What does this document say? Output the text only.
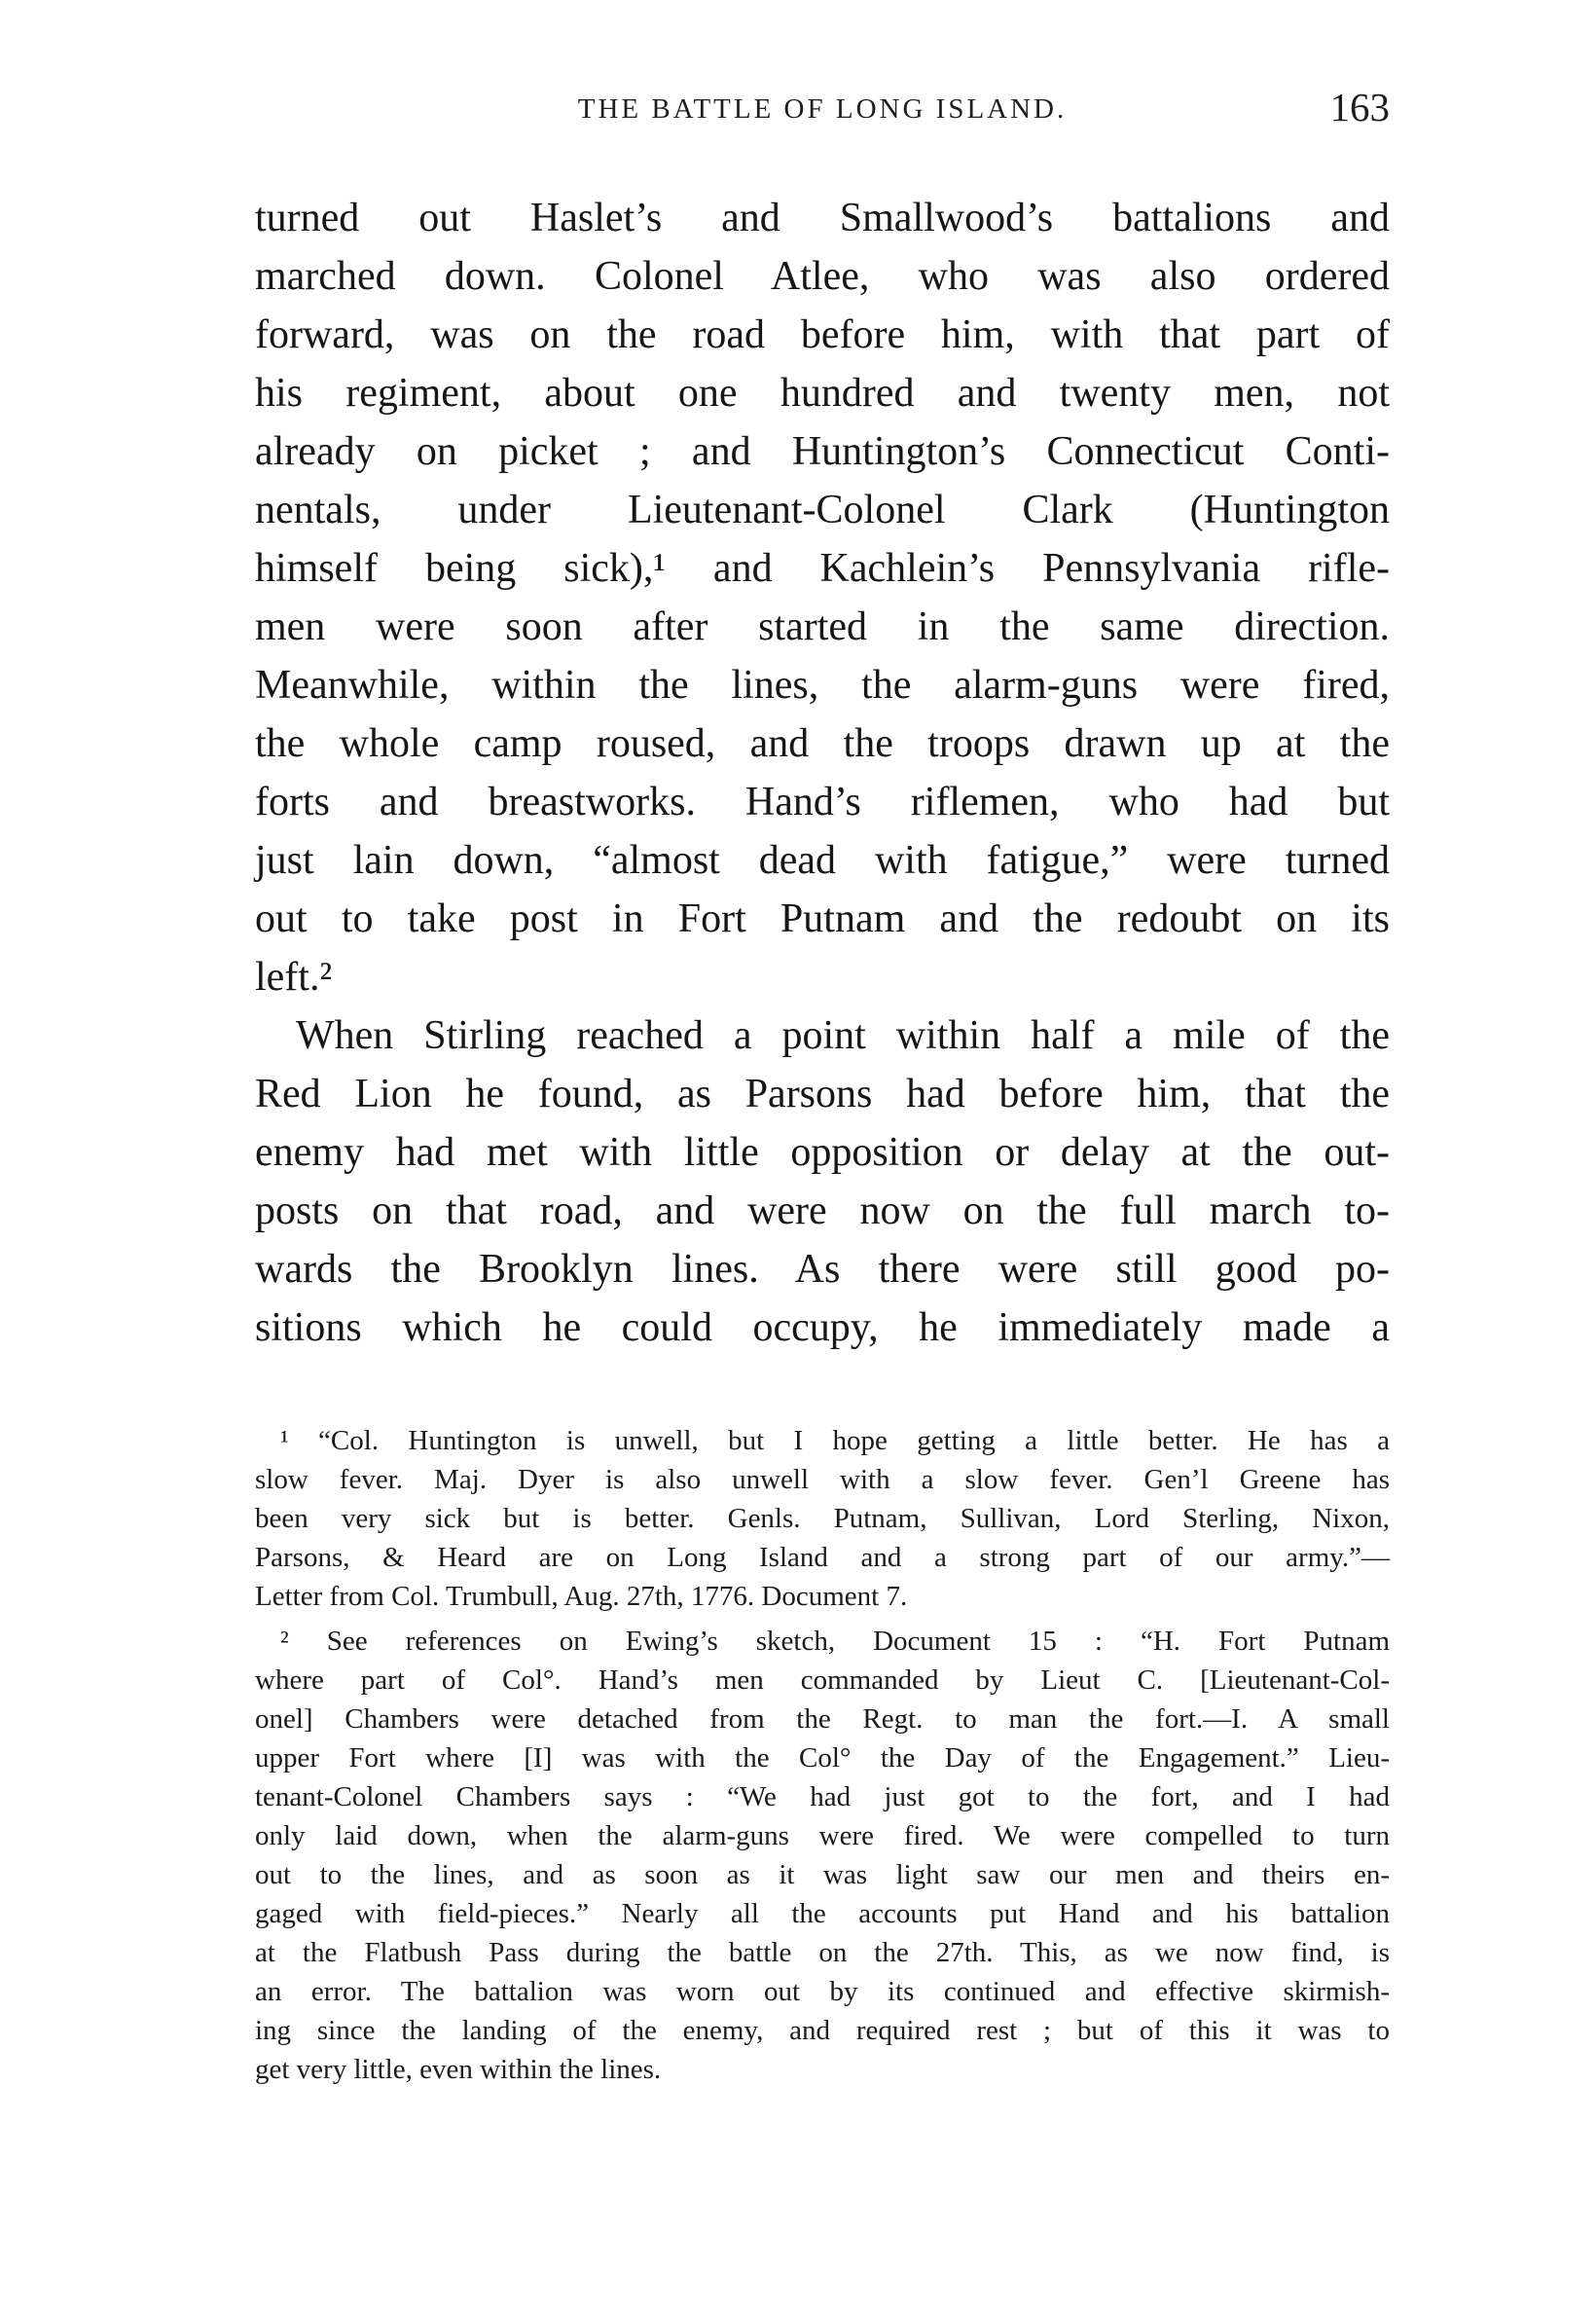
THE BATTLE OF LONG ISLAND.	163
turned out Haslet’s and Smallwood’s battalions and
marched down. Colonel Atlee, who was also ordered
forward, was on the road before him, with that part of
his regiment, about one hundred and twenty men, not
already on picket ; and Huntington’s Connecticut Conti-
nentals, under Lieutenant-Colonel Clark (Huntington
himself being sick),¹ and Kachlein’s Pennsylvania rifle-
men were soon after started in the same direction.
Meanwhile, within the lines, the alarm-guns were fired,
the whole camp roused, and the troops drawn up at the
forts and breastworks. Hand’s riflemen, who had but
just lain down, “almost dead with fatigue,” were turned
out to take post in Fort Putnam and the redoubt on its
left.²
When Stirling reached a point within half a mile of the
Red Lion he found, as Parsons had before him, that the
enemy had met with little opposition or delay at the out-
posts on that road, and were now on the full march to-
wards the Brooklyn lines. As there were still good po-
sitions which he could occupy, he immediately made a
¹ “Col. Huntington is unwell, but I hope getting a little better. He has a
slow fever. Maj. Dyer is also unwell with a slow fever. Gen’l Greene has
been very sick but is better. Genls. Putnam, Sullivan, Lord Sterling, Nixon,
Parsons, & Heard are on Long Island and a strong part of our army.”—
Letter from Col. Trumbull, Aug. 27th, 1776. Document 7.
² See references on Ewing’s sketch, Document 15 : “H. Fort Putnam
where part of Col°. Hand’s men commanded by Lieut C. [Lieutenant-Col-
onel] Chambers were detached from the Regt. to man the fort.—I. A small
upper Fort where [I] was with the Col° the Day of the Engagement.” Lieu-
tenant-Colonel Chambers says : “We had just got to the fort, and I had
only laid down, when the alarm-guns were fired. We were compelled to turn
out to the lines, and as soon as it was light saw our men and theirs en-
gaged with field-pieces.” Nearly all the accounts put Hand and his battalion
at the Flatbush Pass during the battle on the 27th. This, as we now find, is
an error. The battalion was worn out by its continued and effective skirmish-
ing since the landing of the enemy, and required rest ; but of this it was to
get very little, even within the lines.
